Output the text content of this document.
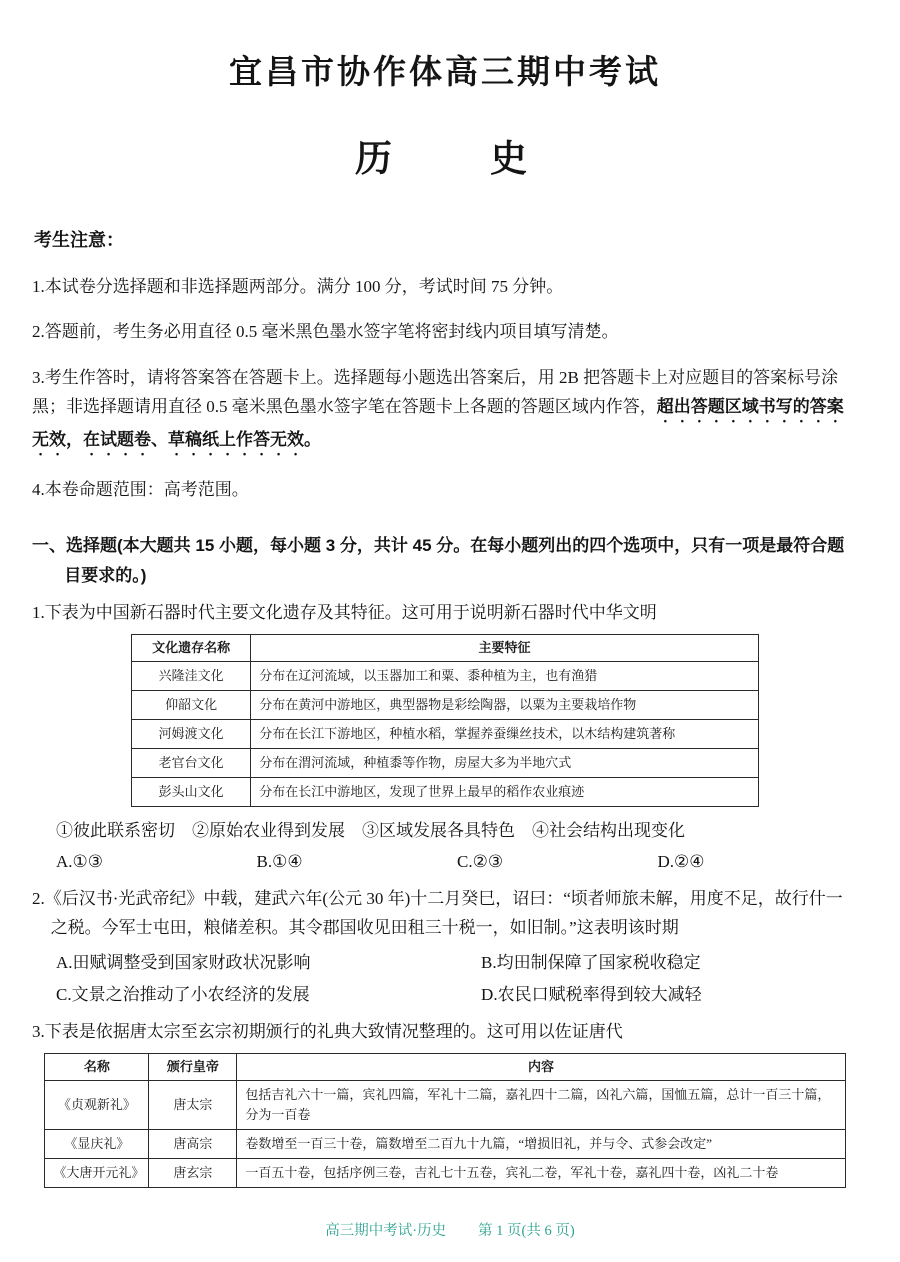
宜昌市协作体高三期中考试
历　　史
考生注意：

1.本试卷分选择题和非选择题两部分。满分 100 分，考试时间 75 分钟。

2.答题前，考生务必用直径 0.5 毫米黑色墨水签字笔将密封线内项目填写清楚。

3.考生作答时，请将答案答在答题卡上。选择题每小题选出答案后，用 2B 把答题卡上对应题目的答案标号涂黑；非选择题请用直径 0.5 毫米黑色墨水签字笔在答题卡上各题的答题区域内作答，超出答题区域书写的答案无效，在试题卷、草稿纸上作答无效。

4.本卷命题范围：高考范围。

一、选择题(本大题共 15 小题，每小题 3 分，共计 45 分。在每小题列出的四个选项中，只有一项是最符合题目要求的。)

1.下表为中国新石器时代主要文化遗存及其特征。这可用于说明新石器时代中华文明

文化遗存名称	主要特征
兴隆洼文化	分布在辽河流域，以玉器加工和粟、黍种植为主，也有渔猎
仰韶文化	分布在黄河中游地区，典型器物是彩绘陶器，以粟为主要栽培作物
河姆渡文化	分布在长江下游地区，种植水稻，掌握养蚕缫丝技术，以木结构建筑著称
老官台文化	分布在渭河流域，种植黍等作物，房屋大多为半地穴式
彭头山文化	分布在长江中游地区，发现了世界上最早的稻作农业痕迹

①彼此联系密切　②原始农业得到发展　③区域发展各具特色　④社会结构出现变化

A.①③	B.①④	C.②③	D.②④

2.《后汉书·光武帝纪》中载，建武六年(公元 30 年)十二月癸巳，诏曰：“顷者师旅未解，用度不足，故行什一之税。今军士屯田，粮储差积。其令郡国收见田租三十税一，如旧制。”这表明该时期

A.田赋调整受到国家财政状况影响	B.均田制保障了国家税收稳定
C.文景之治推动了小农经济的发展	D.农民口赋税率得到较大减轻

3.下表是依据唐太宗至玄宗初期颁行的礼典大致情况整理的。这可用以佐证唐代

名称	颁行皇帝	内容
《贞观新礼》	唐太宗	包括吉礼六十一篇，宾礼四篇，军礼十二篇，嘉礼四十二篇，凶礼六篇，国恤五篇，总计一百三十篇，分为一百卷
《显庆礼》	唐高宗	卷数增至一百三十卷，篇数增至二百九十九篇，“增损旧礼，并与令、式参会改定”
《大唐开元礼》	唐玄宗	一百五十卷，包括序例三卷，吉礼七十五卷，宾礼二卷，军礼十卷，嘉礼四十卷，凶礼二十卷
高三期中考试·历史 第 1 页(共 6 页)
